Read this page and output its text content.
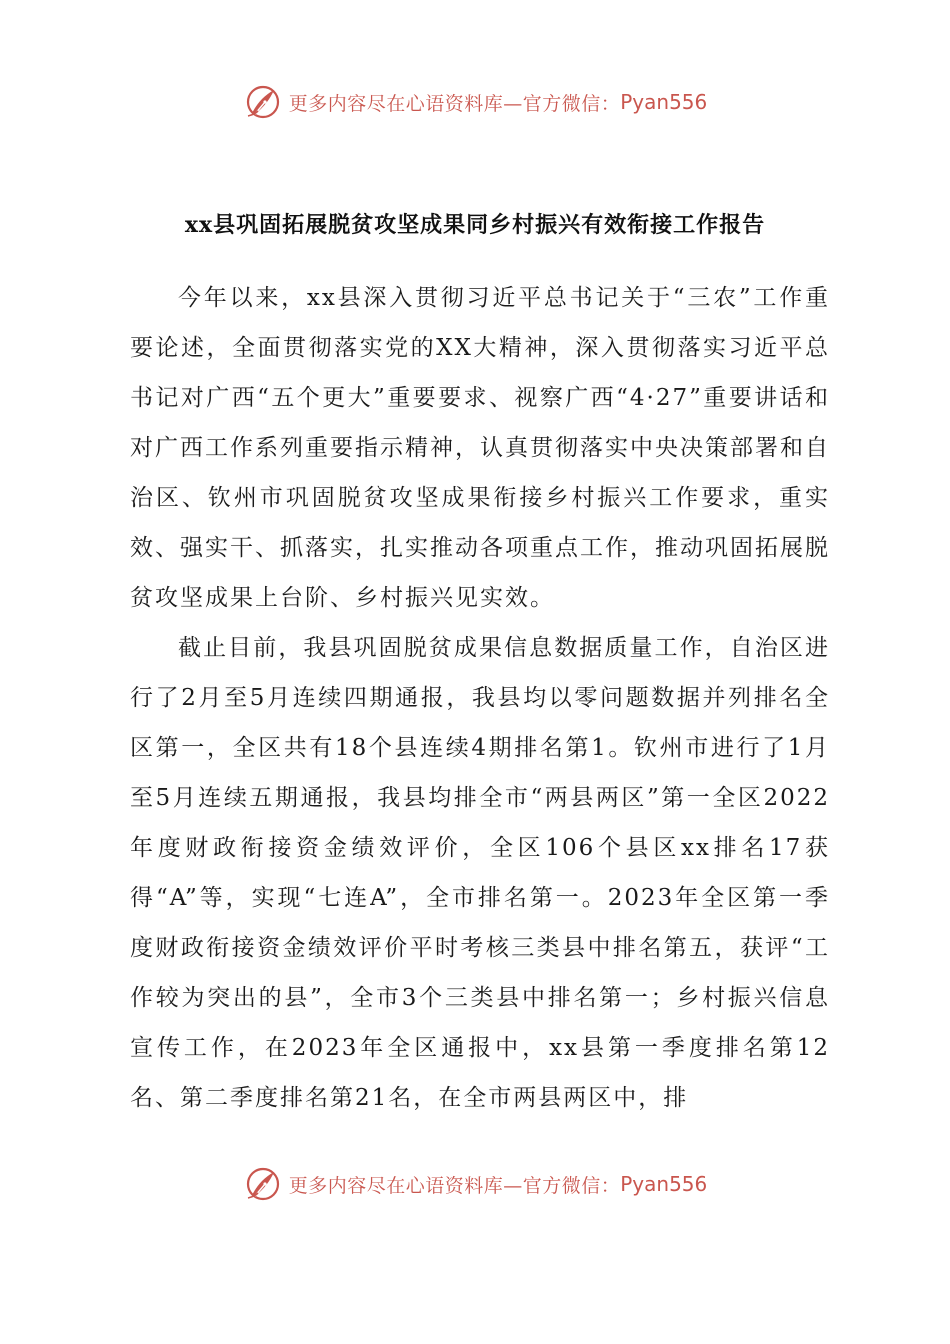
更多内容尽在心语资料库—官方微信： Pyan556
xx县巩固拓展脱贫攻坚成果同乡村振兴有效衔接工作报告

今年以来，xx县深入贯彻习近平总书记关于“三农”工作重要论述，全面贯彻落实党的XX大精神，深入贯彻落实习近平总书记对广西“五个更大”重要要求、视察广西“4·27”重要讲话和对广西工作系列重要指示精神，认真贯彻落实中央决策部署和自治区、钦州市巩固脱贫攻坚成果衔接乡村振兴工作要求，重实效、强实干、抓落实，扎实推动各项重点工作，推动巩固拓展脱贫攻坚成果上台阶、乡村振兴见实效。

截止目前，我县巩固脱贫成果信息数据质量工作，自治区进行了2月至5月连续四期通报，我县均以零问题数据并列排名全区第一，全区共有18个县连续4期排名第1。钦州市进行了1月至5月连续五期通报，我县均排全市“两县两区”第一全区2022年度财政衔接资金绩效评价，全区106个县区xx排名17获得“A”等，实现“七连A”，全市排名第一。2023年全区第一季度财政衔接资金绩效评价平时考核三类县中排名第五，获评“工作较为突出的县”，全市3个三类县中排名第一；乡村振兴信息宣传工作，在2023年全区通报中，xx县第一季度排名第12名、第二季度排名第21名，在全市两县两区中，排

更多内容尽在心语资料库—官方微信： Pyan556
